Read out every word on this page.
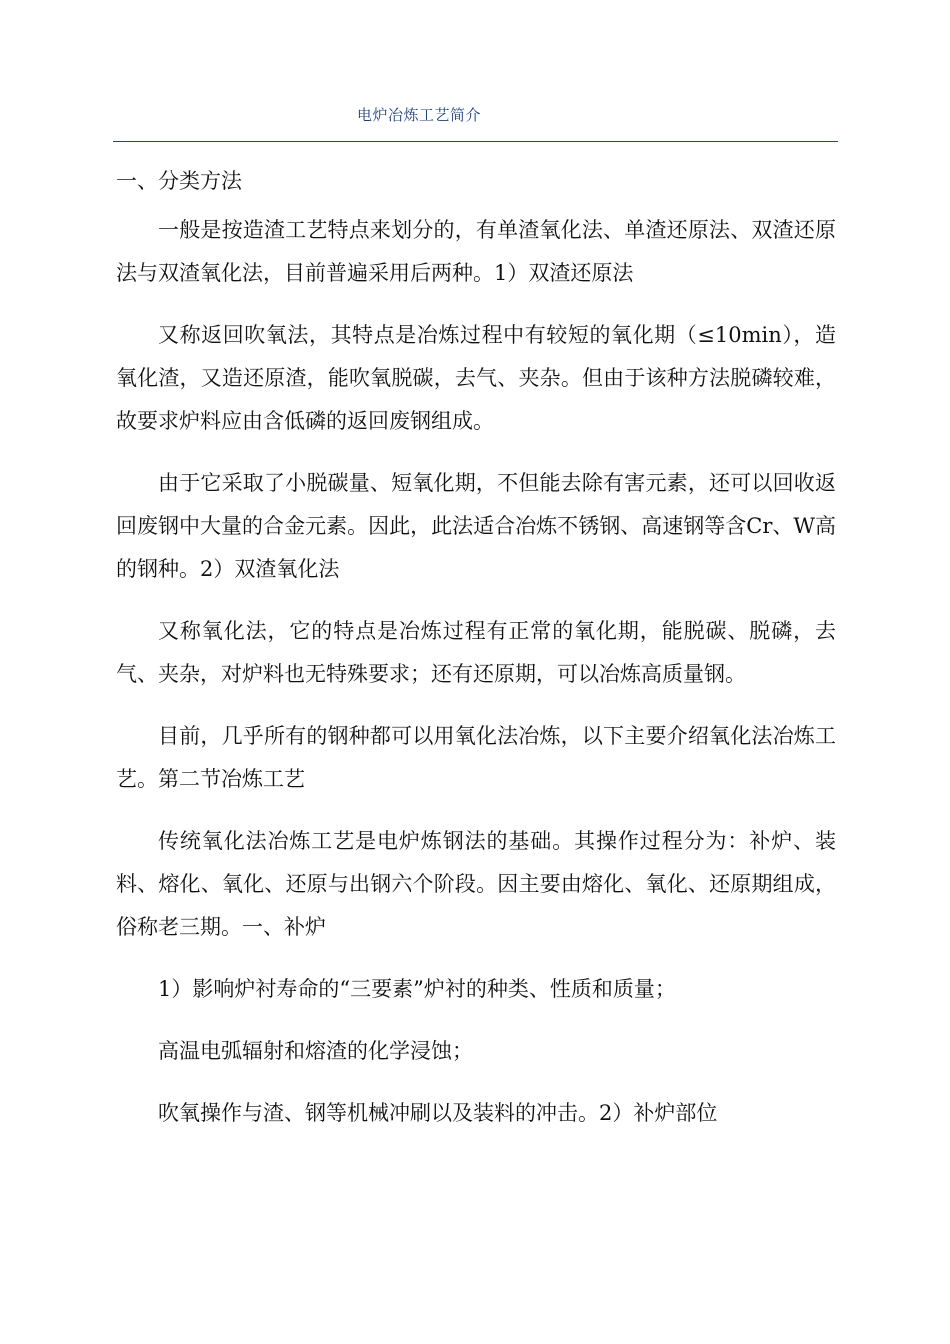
电炉冶炼工艺简介

一、分类方法

一般是按造渣工艺特点来划分的，有单渣氧化法、单渣还原法、双渣还原法与双渣氧化法，目前普遍采用后两种。1）双渣还原法

又称返回吹氧法，其特点是冶炼过程中有较短的氧化期（≤10min），造氧化渣，又造还原渣，能吹氧脱碳，去气、夹杂。但由于该种方法脱磷较难，故要求炉料应由含低磷的返回废钢组成。

由于它采取了小脱碳量、短氧化期，不但能去除有害元素，还可以回收返回废钢中大量的合金元素。因此，此法适合冶炼不锈钢、高速钢等含Cr、W高的钢种。2）双渣氧化法

又称氧化法，它的特点是冶炼过程有正常的氧化期，能脱碳、脱磷，去气、夹杂，对炉料也无特殊要求；还有还原期，可以冶炼高质量钢。

目前，几乎所有的钢种都可以用氧化法冶炼，以下主要介绍氧化法冶炼工艺。第二节冶炼工艺

传统氧化法冶炼工艺是电炉炼钢法的基础。其操作过程分为：补炉、装料、熔化、氧化、还原与出钢六个阶段。因主要由熔化、氧化、还原期组成，俗称老三期。一、补炉

1）影响炉衬寿命的“三要素”炉衬的种类、性质和质量；

高温电弧辐射和熔渣的化学浸蚀；

吹氧操作与渣、钢等机械冲刷以及装料的冲击。2）补炉部位
